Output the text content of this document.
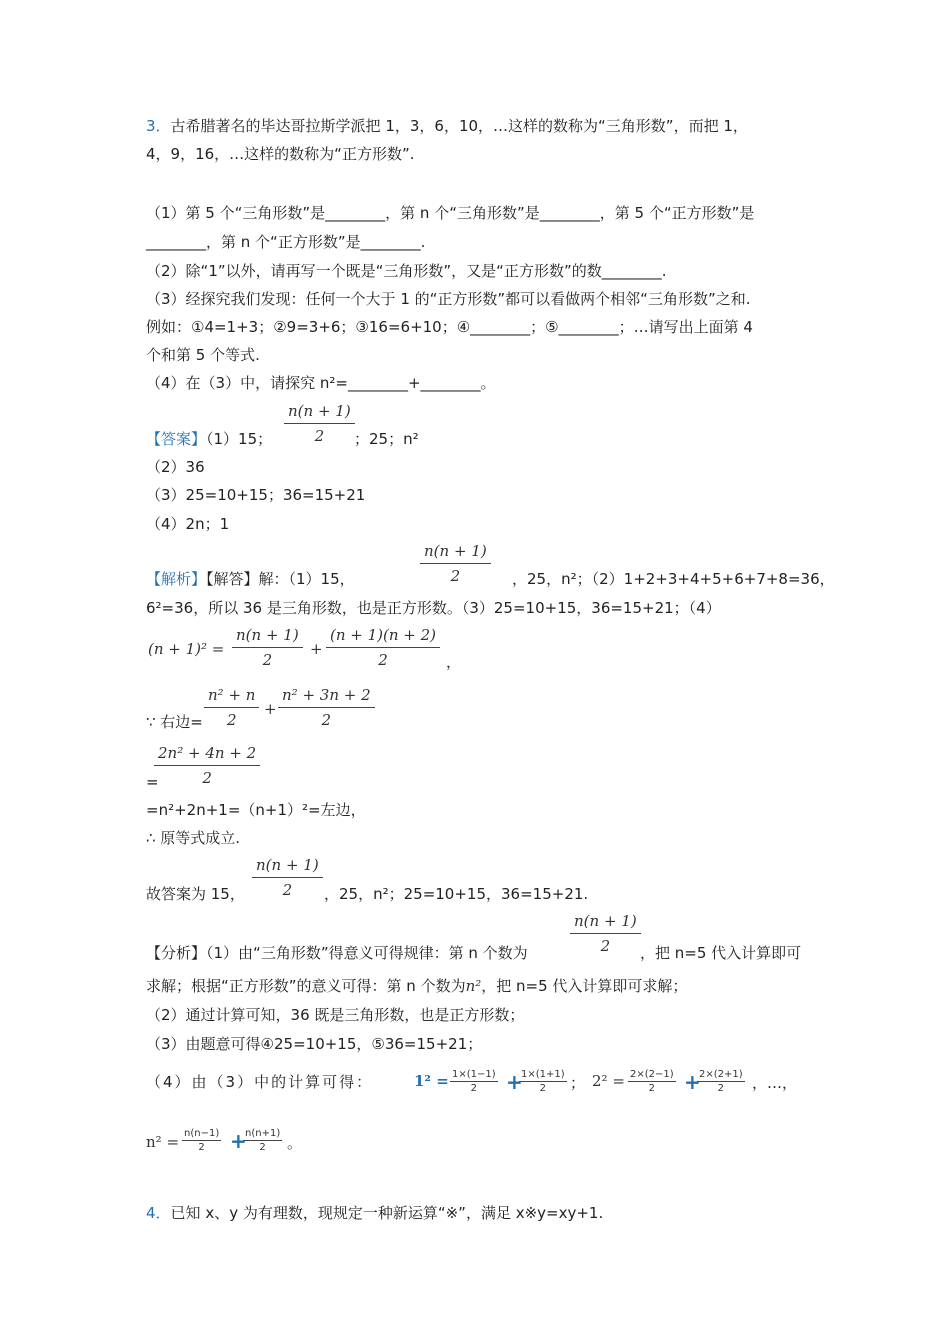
3．古希腊著名的毕达哥拉斯学派把 1，3，6，10，…这样的数称为“三角形数”，而把 1，
4，9，16，…这样的数称为“正方形数”.
（1）第 5 个“三角形数”是________，第 n 个“三角形数”是________，第 5 个“正方形数”是
________，第 n 个“正方形数”是________.
（2）除“1”以外，请再写一个既是“三角形数”，又是“正方形数”的数________.
（3）经探究我们发现：任何一个大于 1 的“正方形数”都可以看做两个相邻“三角形数”之和.
例如：①4=1+3；②9=3+6；③16=6+10；④________；⑤________；…请写出上面第 4
个和第 5 个等式.
（4）在（3）中，请探究 n²=________+________。
$\frac{n(n + 1)}{2}$
【答案】（1）15；	；25；n²
（2）36
（3）25=10+15；36=15+21
（4）2n；1
$\frac{n(n + 1)}{2}$
【解析】【解答】解：（1）15，	，25，n²；（2）1+2+3+4+5+6+7+8=36，
6²=36，所以 36 是三角形数，也是正方形数。（3）25=10+15，36=15+21；（4）
$(n + 1)^2 = \frac{n(n + 1)}{2} + \frac{(n + 1)(n + 2)}{2}$ ，
$\frac{\text{n² + n}}{2} + \frac{\text{n² + 3n + 2}}{2}$
∵ 右边=
$\frac{\text{2n² + 4n + 2}}{2}$
=
=n²+2n+1=（n+1）²=左边，
∴ 原等式成立.
$\frac{n(n + 1)}{2}$
故答案为 15，	，25，n²；25=10+15，36=15+21.
$\frac{n(n + 1)}{2}$
【分析】（1）由“三角形数”得意义可得规律：第 n 个数为	，把 n=5 代入计算即可
求解；根据“正方形数”的意义可得：第 n 个数为n²，把 n=5 代入计算即可求解；
（2）通过计算可知，36 既是三角形数，也是正方形数；
（3）由题意可得④25=10+15，⑤36=15+21；
（4）由（3）中的计算可得：	$1^2 = \frac{1\times(1-1)}{2}$ +
$\frac{1\times(1+1)}{2}$ ； $2^2 = \frac{2\times(2-1)}{2}$ +
$\frac{2\times(2+1)}{2}$ ，…，
$n^2 = \frac{n(n-1)}{2}$ +
$\frac{n(n+1)}{2}$ 。
4．已知 x、y 为有理数，现规定一种新运算“※”，满足 x※y=xy+1.
